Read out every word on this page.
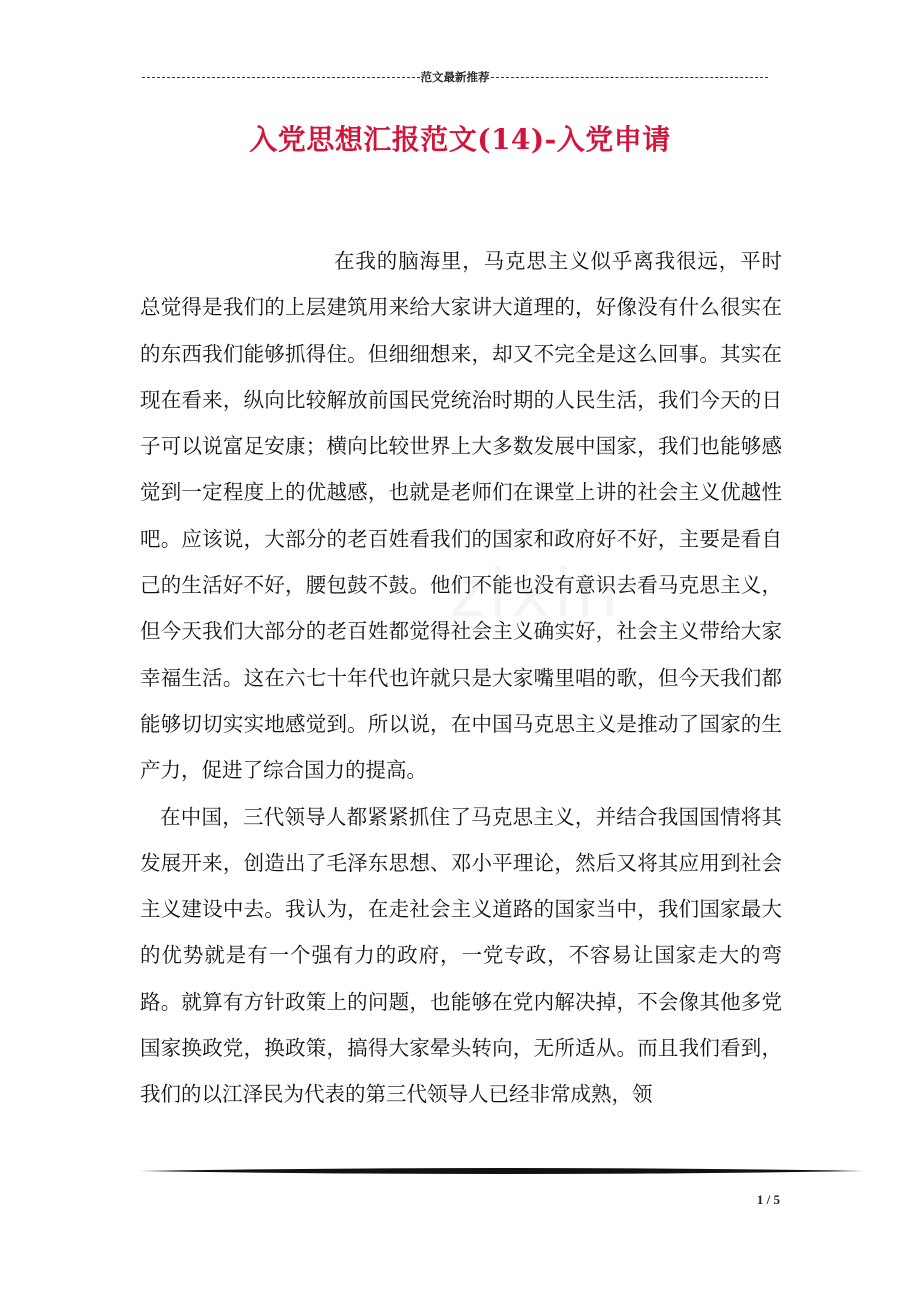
范文最新推荐
入党思想汇报范文(14)-入党申请

在我的脑海里，马克思主义似乎离我很远，平时总觉得是我们的上层建筑用来给大家讲大道理的，好像没有什么很实在的东西我们能够抓得住。但细细想来，却又不完全是这么回事。其实在现在看来，纵向比较解放前国民党统治时期的人民生活，我们今天的日子可以说富足安康；横向比较世界上大多数发展中国家，我们也能够感觉到一定程度上的优越感，也就是老师们在课堂上讲的社会主义优越性吧。应该说，大部分的老百姓看我们的国家和政府好不好，主要是看自己的生活好不好，腰包鼓不鼓。他们不能也没有意识去看马克思主义，但今天我们大部分的老百姓都觉得社会主义确实好，社会主义带给大家幸福生活。这在六七十年代也许就只是大家嘴里唱的歌，但今天我们都能够切切实实地感觉到。所以说，在中国马克思主义是推动了国家的生产力，促进了综合国力的提高。

在中国，三代领导人都紧紧抓住了马克思主义，并结合我国国情将其发展开来，创造出了毛泽东思想、邓小平理论，然后又将其应用到社会主义建设中去。我认为，在走社会主义道路的国家当中，我们国家最大的优势就是有一个强有力的政府，一党专政，不容易让国家走大的弯路。就算有方针政策上的问题，也能够在党内解决掉，不会像其他多党国家换政党，换政策，搞得大家晕头转向，无所适从。而且我们看到，我们的以江泽民为代表的第三代领导人已经非常成熟，领

1 / 5
